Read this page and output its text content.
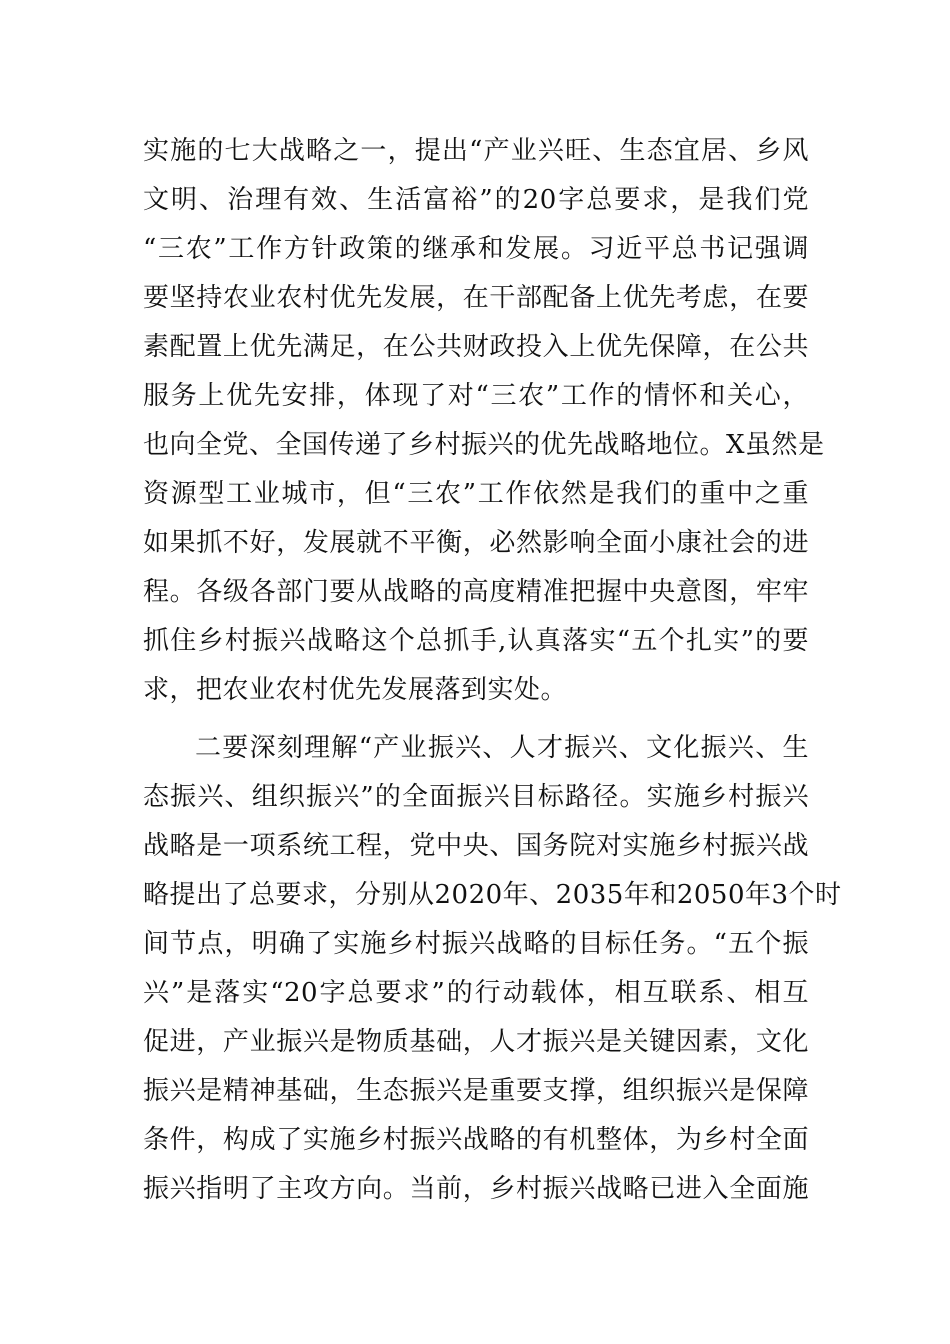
实施的七大战略之一，提出“产业兴旺、生态宜居、乡风
文明、治理有效、生活富裕”的20字总要求，是我们党
“三农”工作方针政策的继承和发展。习近平总书记强调
要坚持农业农村优先发展，在干部配备上优先考虑，在要
素配置上优先满足，在公共财政投入上优先保障，在公共
服务上优先安排，体现了对“三农”工作的情怀和关心，
也向全党、全国传递了乡村振兴的优先战略地位。X虽然是
资源型工业城市，但“三农”工作依然是我们的重中之重
如果抓不好，发展就不平衡，必然影响全面小康社会的进
程。各级各部门要从战略的高度精准把握中央意图，牢牢
抓住乡村振兴战略这个总抓手,认真落实“五个扎实”的要
求，把农业农村优先发展落到实处。
二要深刻理解“产业振兴、人才振兴、文化振兴、生
态振兴、组织振兴”的全面振兴目标路径。实施乡村振兴
战略是一项系统工程，党中央、国务院对实施乡村振兴战
略提出了总要求，分别从2020年、2035年和2050年3个时
间节点，明确了实施乡村振兴战略的目标任务。“五个振
兴”是落实“20字总要求”的行动载体，相互联系、相互
促进，产业振兴是物质基础，人才振兴是关键因素，文化
振兴是精神基础，生态振兴是重要支撑，组织振兴是保障
条件，构成了实施乡村振兴战略的有机整体，为乡村全面
振兴指明了主攻方向。当前，乡村振兴战略已进入全面施
